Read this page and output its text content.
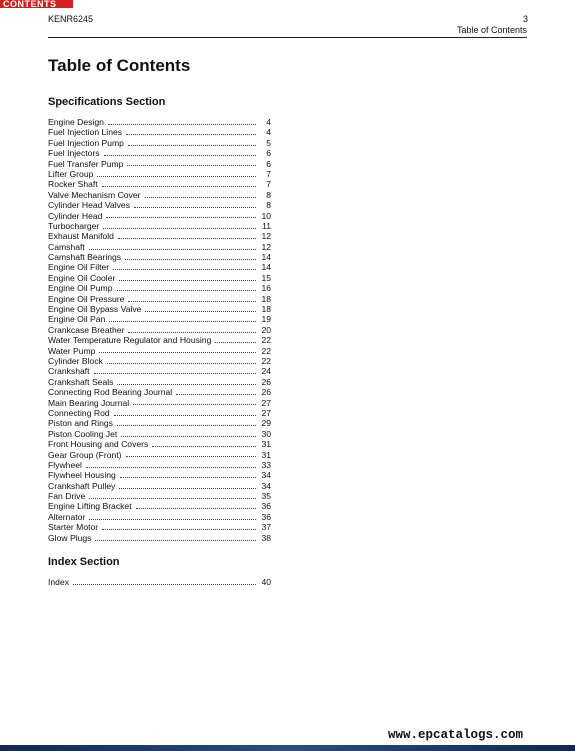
CONTENTS
KENR6245	3
Table of Contents
Table of Contents
Specifications Section
Engine Design	4
Fuel Injection Lines	4
Fuel Injection Pump	5
Fuel Injectors	6
Fuel Transfer Pump	6
Lifter Group	7
Rocker Shaft	7
Valve Mechanism Cover	8
Cylinder Head Valves	8
Cylinder Head	10
Turbocharger	11
Exhaust Manifold	12
Camshaft	12
Camshaft Bearings	14
Engine Oil Filter	14
Engine Oil Cooler	15
Engine Oil Pump	16
Engine Oil Pressure	18
Engine Oil Bypass Valve	18
Engine Oil Pan	19
Crankcase Breather	20
Water Temperature Regulator and Housing	22
Water Pump	22
Cylinder Block	22
Crankshaft	24
Crankshaft Seals	26
Connecting Rod Bearing Journal	26
Main Bearing Journal	27
Connecting Rod	27
Piston and Rings	29
Piston Cooling Jet	30
Front Housing and Covers	31
Gear Group (Front)	31
Flywheel	33
Flywheel Housing	34
Crankshaft Pulley	34
Fan Drive	35
Engine Lifting Bracket	36
Alternator	36
Starter Motor	37
Glow Plugs	38
Index Section
Index	40
www.epcatalogs.com
